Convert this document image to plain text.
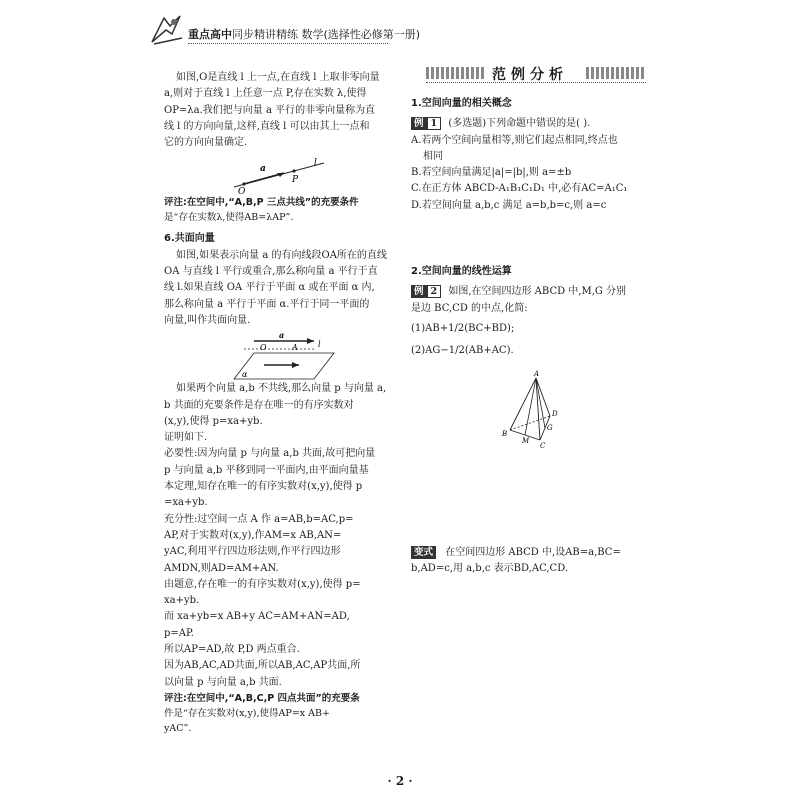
重点高中同步精讲精练 数学(选择性必修第一册)

如图,O是直线 l 上一点,在直线 l 上取非零向量
a,则对于直线 l 上任意一点 P,存在实数 λ,使得
OP=λa.我们把与向量 a 平行的非零向量称为直
线 l 的方向向量,这样,直线 l 可以由其上一点和
它的方向向量确定.

a
P
l
O

评注:在空间中,“A,B,P 三点共线”的充要条件
是“存在实数λ,使得AB=λAP”.

6.共面向量

如图,如果表示向量 a 的有向线段OA所在的直线
OA 与直线 l 平行或重合,那么称向量 a 平行于直
线 l.如果直线 OA 平行于平面 α 或在平面 α 内,
那么称向量 a 平行于平面 α.平行于同一平面的
向量,叫作共面向量.

a
O	A	l
α

如果两个向量 a,b 不共线,那么向量 p 与向量 a,
b 共面的充要条件是存在唯一的有序实数对
(x,y),使得 p=xa+yb.
证明如下.
必要性:因为向量 p 与向量 a,b 共面,故可把向量
p 与向量 a,b 平移到同一平面内,由平面向量基
本定理,知存在唯一的有序实数对(x,y),使得 p
=xa+yb.
充分性:过空间一点 A 作 a=AB,b=AC,p=
AP,对于实数对(x,y),作AM=x AB,AN=
yAC,利用平行四边形法则,作平行四边形
AMDN,则AD=AM+AN.
由题意,存在唯一的有序实数对(x,y),使得 p=
xa+yb.
而 xa+yb=x AB+y AC=AM+AN=AD,
p=AP.
所以AP=AD,故 P,D 两点重合.
因为AB,AC,AD共面,所以AB,AC,AP共面,所
以向量 p 与向量 a,b 共面.

评注:在空间中,“A,B,C,P 四点共面”的充要条
件是“存在实数对(x,y),使得AP=x AB+
yAC”.

范例分析

1.空间向量的相关概念

例 1 (多选题)下列命题中错误的是( ).

A.若两个空间向量相等,则它们起点相同,终点也

相同

B.若空间向量满足|a|=|b|,则 a=±b

C.在正方体 ABCD-A₁B₁C₁D₁ 中,必有AC=A₁C₁

D.若空间向量 a,b,c 满足 a=b,b=c,则 a=c

2.空间向量的线性运算

例 2 如图,在空间四边形 ABCD 中,M,G 分别

是边 BC,CD 的中点,化简:

(1)AB+1/2(BC+BD);

(2)AG−1/2(AB+AC).

A
B
M
C
G
D

变式 在空间四边形 ABCD 中,设AB=a,BC=

b,AD=c,用 a,b,c 表示BD,AC,CD.

· 2 ·
